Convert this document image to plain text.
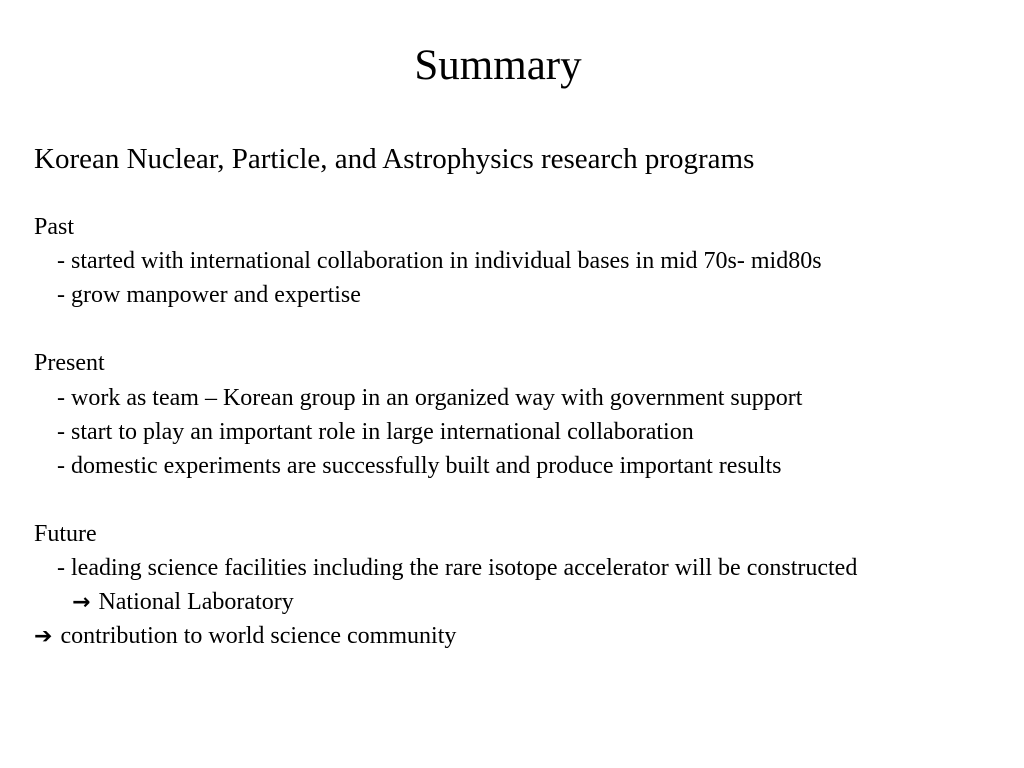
Summary
Korean Nuclear, Particle, and Astrophysics research programs
Past
- started with international collaboration in individual bases in mid 70s- mid80s
- grow manpower and expertise
Present
- work as team – Korean group in an organized way with government support
- start to play an important role in large international collaboration
- domestic experiments are successfully built and produce important results
Future
- leading science facilities including the rare isotope accelerator will be constructed
→ National Laboratory
➔ contribution to world science community
